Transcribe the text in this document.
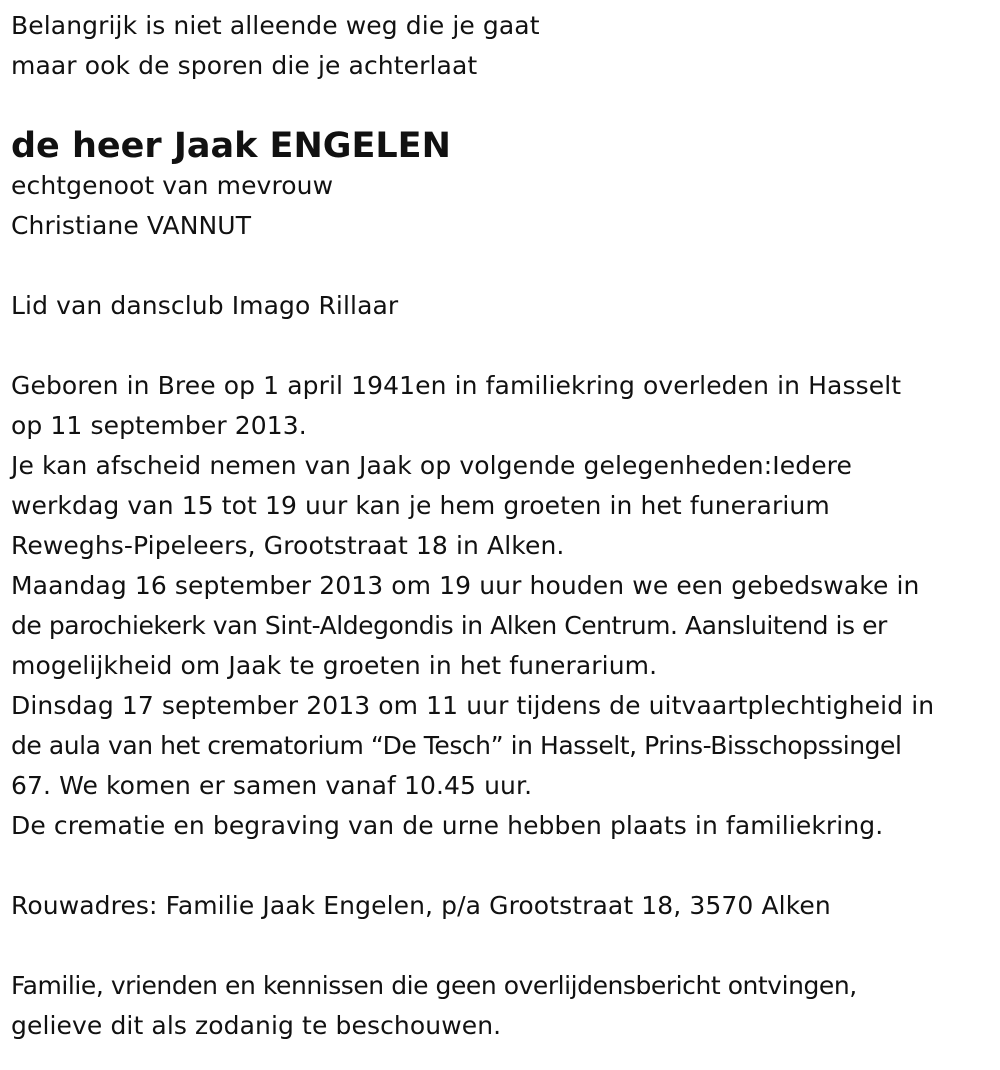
Belangrijk is niet alleende weg die je gaat
maar ook de sporen die je achterlaat
de heer Jaak ENGELEN
echtgenoot van mevrouw
Christiane VANNUT
Lid van dansclub Imago Rillaar
Geboren in Bree op 1 april 1941en in familiekring overleden in Hasselt
op 11 september 2013.
Je kan afscheid nemen van Jaak op volgende gelegenheden:Iedere
werkdag van 15 tot 19 uur kan je hem groeten in het funerarium
Reweghs-Pipeleers, Grootstraat 18 in Alken.
Maandag 16 september 2013 om 19 uur houden we een gebedswake in
de parochiekerk van Sint-Aldegondis in Alken Centrum. Aansluitend is er
mogelijkheid om Jaak te groeten in het funerarium.
Dinsdag 17 september 2013 om 11 uur tijdens de uitvaartplechtigheid in
de aula van het crematorium “De Tesch” in Hasselt, Prins-Bisschopssingel
67. We komen er samen vanaf 10.45 uur.
De crematie en begraving van de urne hebben plaats in familiekring.
Rouwadres: Familie Jaak Engelen, p/a Grootstraat 18, 3570 Alken
Familie, vrienden en kennissen die geen overlijdensbericht ontvingen,
gelieve dit als zodanig te beschouwen.
